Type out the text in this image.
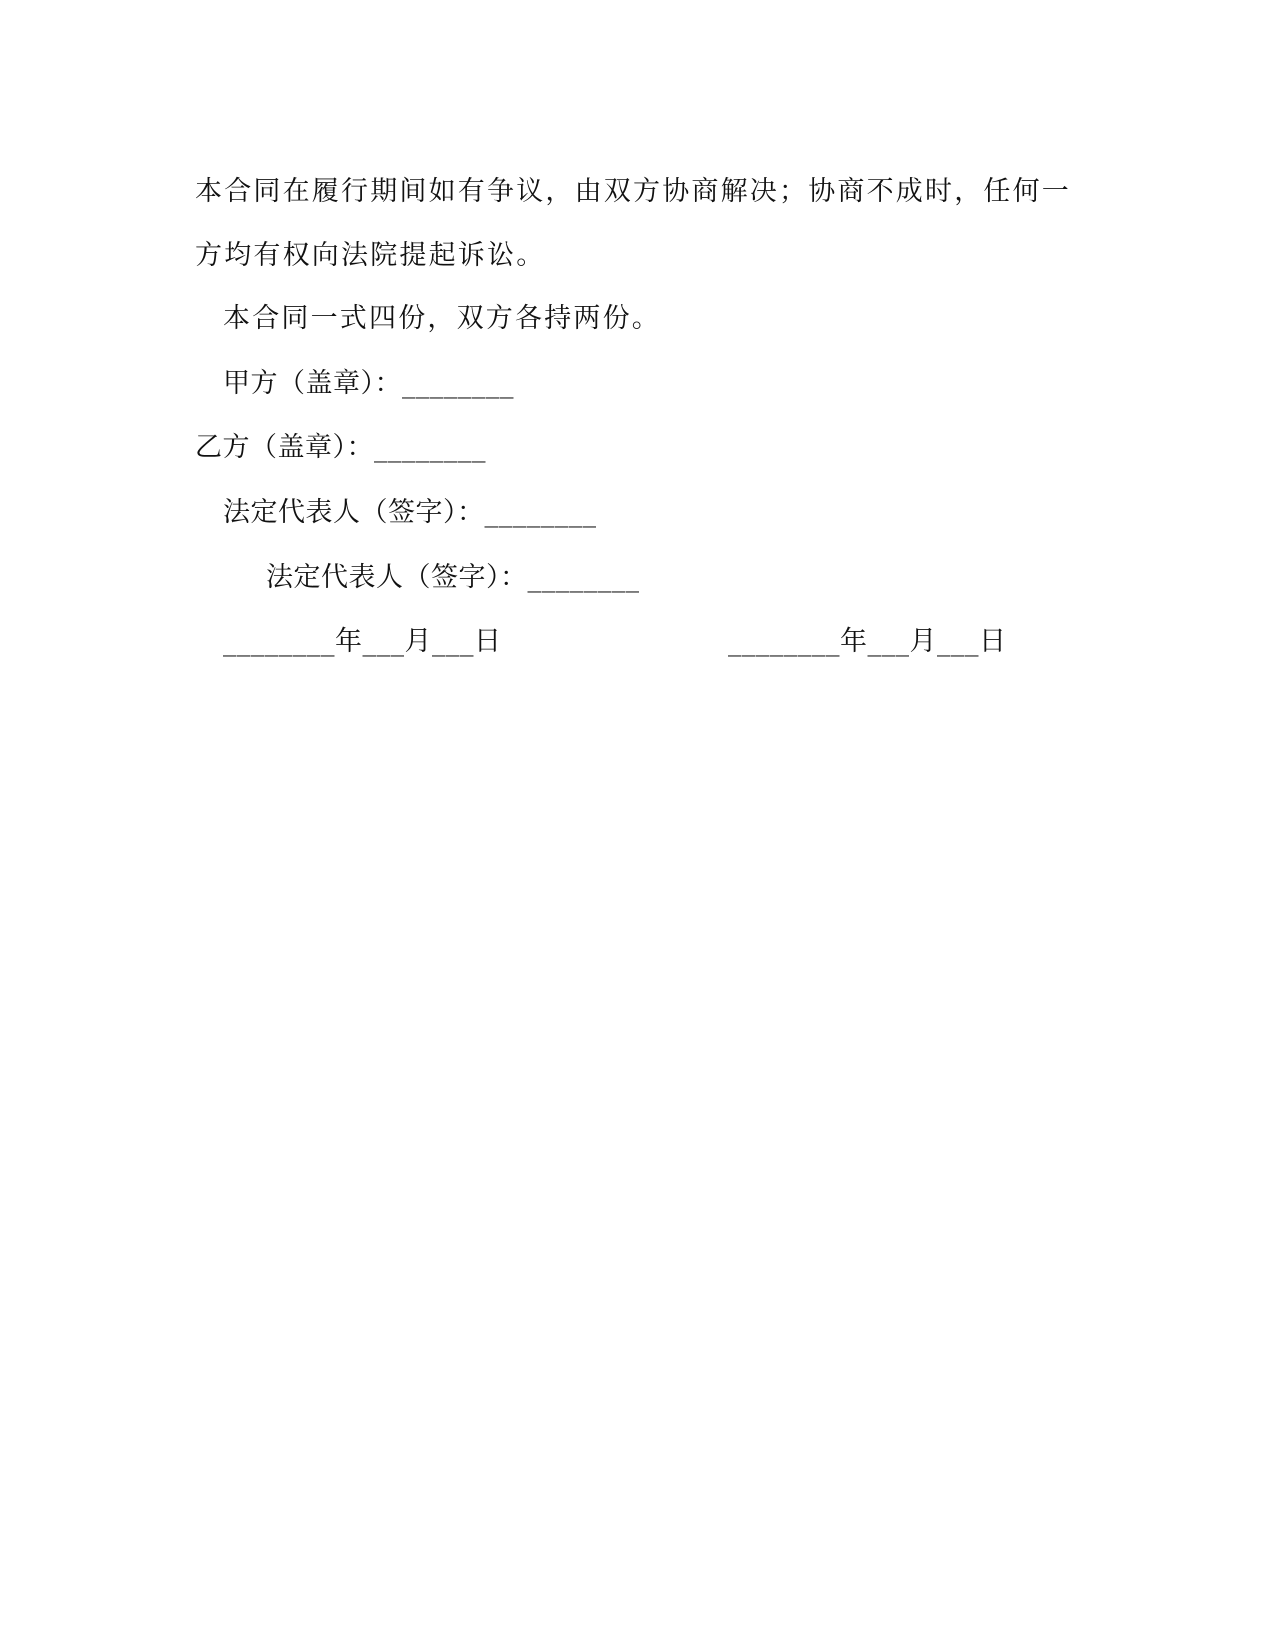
本合同在履行期间如有争议，由双方协商解决；协商不成时，任何一
方均有权向法院提起诉讼。
本合同一式四份，双方各持两份。
甲方（盖章）：________
乙方（盖章）：________
法定代表人（签字）：________
法定代表人（签字）：________
________年___月___日	________年___月___日
